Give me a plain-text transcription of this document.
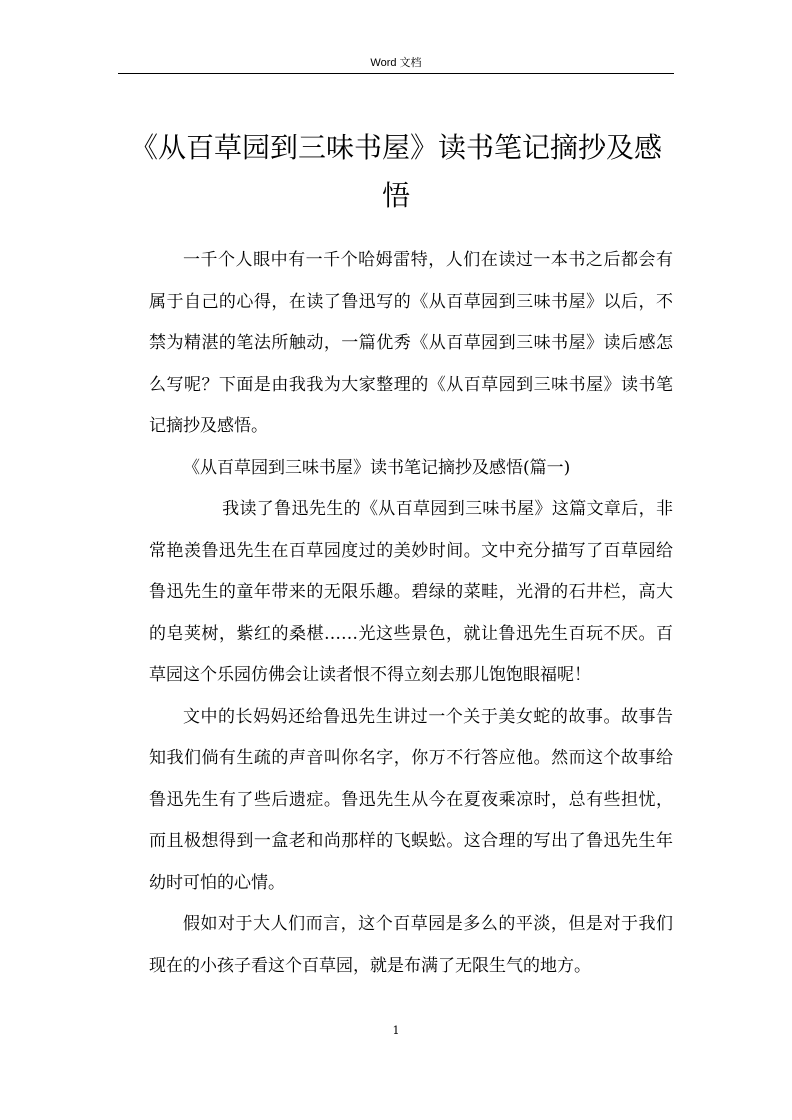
Word 文档
《从百草园到三味书屋》读书笔记摘抄及感悟

一千个人眼中有一千个哈姆雷特，人们在读过一本书之后都会有属于自己的心得，在读了鲁迅写的《从百草园到三味书屋》以后，不禁为精湛的笔法所触动，一篇优秀《从百草园到三味书屋》读后感怎么写呢？下面是由我我为大家整理的《从百草园到三味书屋》读书笔记摘抄及感悟。

《从百草园到三味书屋》读书笔记摘抄及感悟(篇一)

我读了鲁迅先生的《从百草园到三味书屋》这篇文章后，非常艳羡鲁迅先生在百草园度过的美妙时间。文中充分描写了百草园给鲁迅先生的童年带来的无限乐趣。碧绿的菜畦，光滑的石井栏，高大的皂荚树，紫红的桑椹……光这些景色，就让鲁迅先生百玩不厌。百草园这个乐园仿佛会让读者恨不得立刻去那儿饱饱眼福呢！

文中的长妈妈还给鲁迅先生讲过一个关于美女蛇的故事。故事告知我们倘有生疏的声音叫你名字，你万不行答应他。然而这个故事给鲁迅先生有了些后遗症。鲁迅先生从今在夏夜乘凉时，总有些担忧，而且极想得到一盒老和尚那样的飞蜈蚣。这合理的写出了鲁迅先生年幼时可怕的心情。

假如对于大人们而言，这个百草园是多么的平淡，但是对于我们现在的小孩子看这个百草园，就是布满了无限生气的地方。

1
